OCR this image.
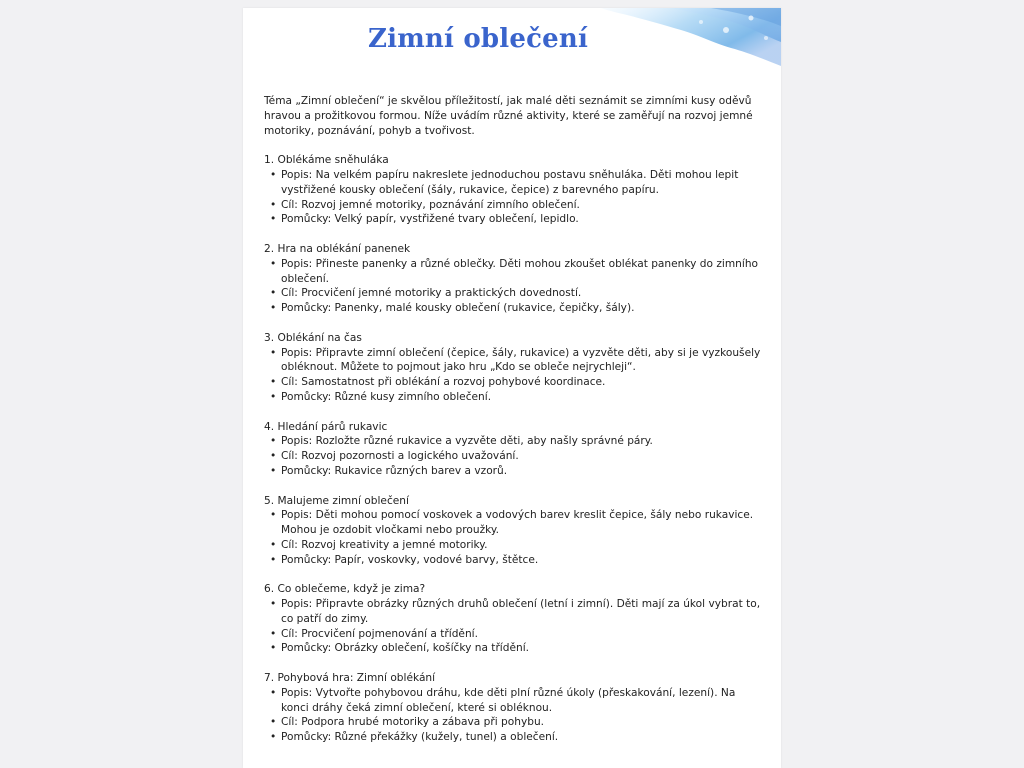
Zimní oblečení

Téma „Zimní oblečení“ je skvělou příležitostí, jak malé děti seznámit se zimními kusy oděvů hravou a prožitkovou formou. Níže uvádím různé aktivity, které se zaměřují na rozvoj jemné motoriky, poznávání, pohyb a tvořivost.

1. Oblékáme sněhuláka

• Popis: Na velkém papíru nakreslete jednoduchou postavu sněhuláka. Děti mohou lepit vystřižené kousky oblečení (šály, rukavice, čepice) z barevného papíru.
• Cíl: Rozvoj jemné motoriky, poznávání zimního oblečení.
• Pomůcky: Velký papír, vystřižené tvary oblečení, lepidlo.

2. Hra na oblékání panenek

• Popis: Přineste panenky a různé oblečky. Děti mohou zkoušet oblékat panenky do zimního oblečení.
• Cíl: Procvičení jemné motoriky a praktických dovedností.
• Pomůcky: Panenky, malé kousky oblečení (rukavice, čepičky, šály).

3. Oblékání na čas

• Popis: Připravte zimní oblečení (čepice, šály, rukavice) a vyzvěte děti, aby si je vyzkoušely obléknout. Můžete to pojmout jako hru „Kdo se obleče nejrychleji“.
• Cíl: Samostatnost při oblékání a rozvoj pohybové koordinace.
• Pomůcky: Různé kusy zimního oblečení.

4. Hledání párů rukavic

• Popis: Rozložte různé rukavice a vyzvěte děti, aby našly správné páry.
• Cíl: Rozvoj pozornosti a logického uvažování.
• Pomůcky: Rukavice různých barev a vzorů.

5. Malujeme zimní oblečení

• Popis: Děti mohou pomocí voskovek a vodových barev kreslit čepice, šály nebo rukavice. Mohou je ozdobit vločkami nebo proužky.
• Cíl: Rozvoj kreativity a jemné motoriky.
• Pomůcky: Papír, voskovky, vodové barvy, štětce.

6. Co oblečeme, když je zima?

• Popis: Připravte obrázky různých druhů oblečení (letní i zimní). Děti mají za úkol vybrat to, co patří do zimy.
• Cíl: Procvičení pojmenování a třídění.
• Pomůcky: Obrázky oblečení, košíčky na třídění.

7. Pohybová hra: Zimní oblékání

• Popis: Vytvořte pohybovou dráhu, kde děti plní různé úkoly (přeskakování, lezení). Na konci dráhy čeká zimní oblečení, které si obléknou.
• Cíl: Podpora hrubé motoriky a zábava při pohybu.
• Pomůcky: Různé překážky (kužely, tunel) a oblečení.
